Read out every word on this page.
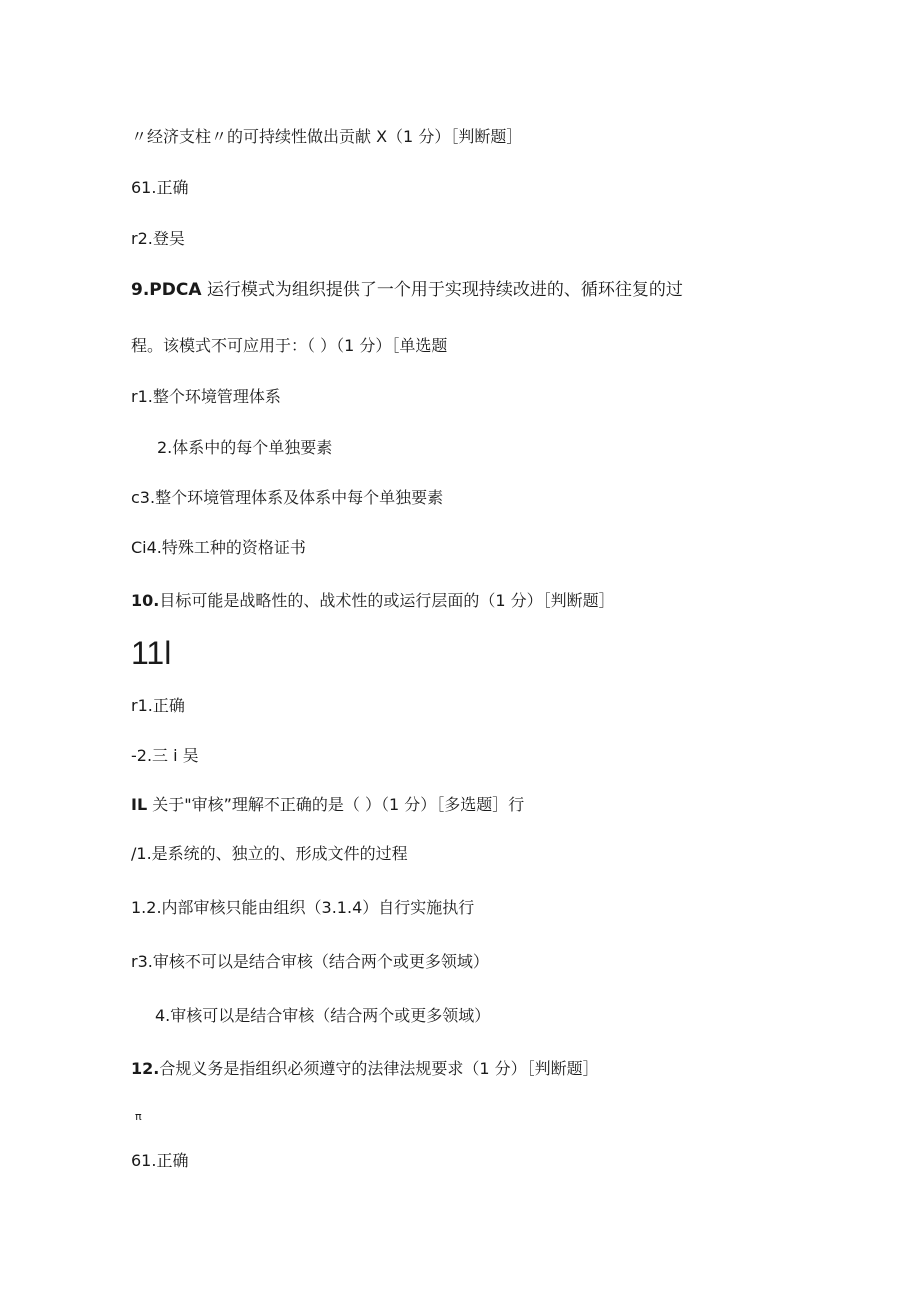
〃经济支柱〃的可持续性做出贡献 X（1 分）［判断题］
61.正确
r2.登吴
9.PDCA 运行模式为组织提供了一个用于实现持续改进的、循环往复的过
程。该模式不可应用于：（ ）（1 分）［单选题
r1.整个环境管理体系
2.体系中的每个单独要素
c3.整个环境管理体系及体系中每个单独要素
Ci4.特殊工种的资格证书
10.目标可能是战略性的、战术性的或运行层面的（1 分）［判断题］
11l
r1.正确
-2.三 i 吴
IL 关于"审核”理解不正确的是（ ）（1 分）［多选题］行
/1.是系统的、独立的、形成文件的过程
1.2.内部审核只能由组织（3.1.4）自行实施执行
r3.审核不可以是结合审核（结合两个或更多领域）
4.审核可以是结合审核（结合两个或更多领域）
12.合规义务是指组织必须遵守的法律法规要求（1 分）［判断题］
π
61.正确
